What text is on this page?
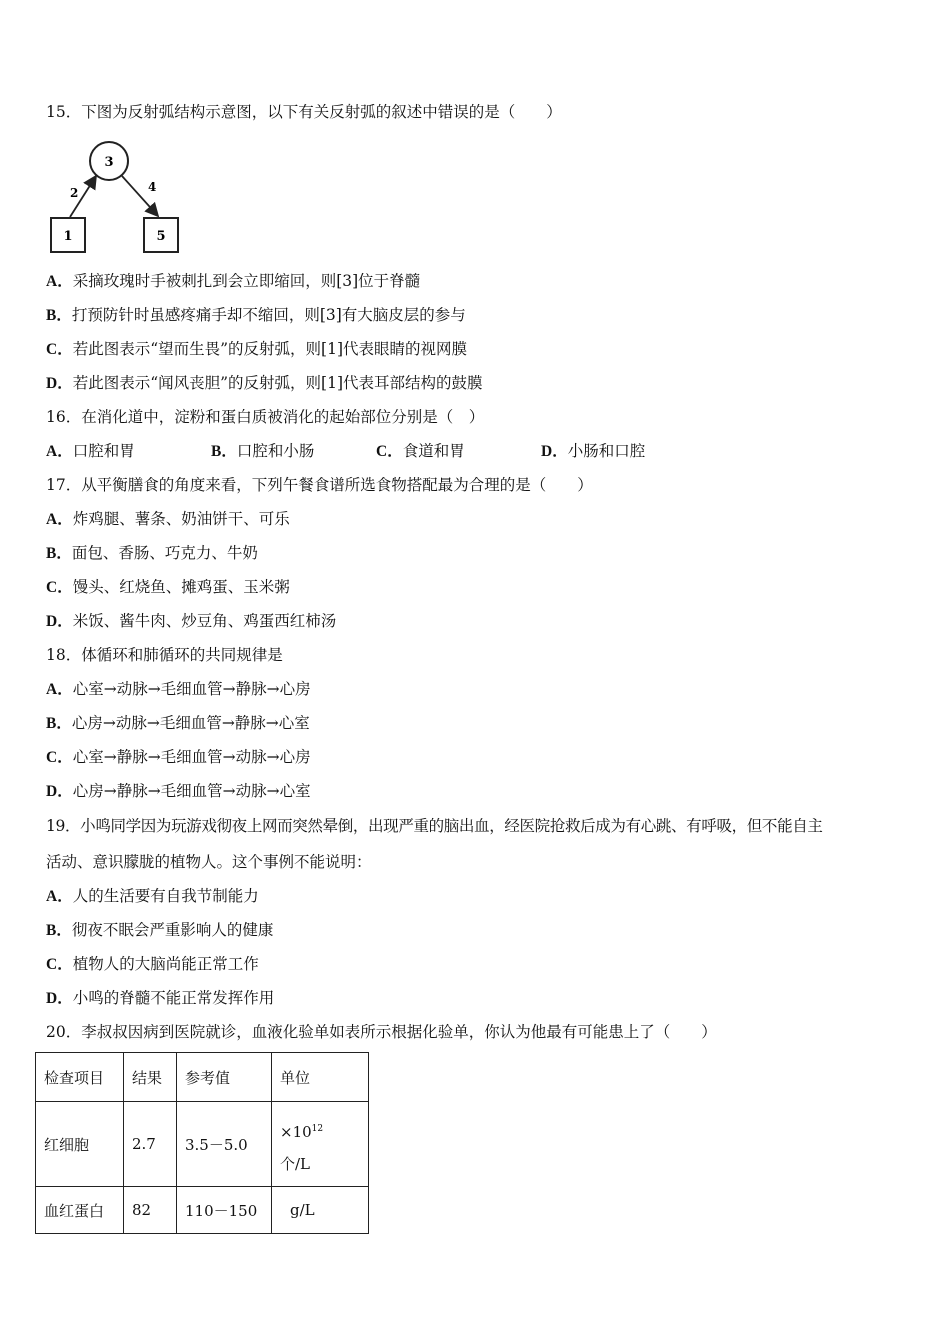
15．下图为反射弧结构示意图，以下有关反射弧的叙述中错误的是（　　）
3
1	5
2	4
A．采摘玫瑰时手被刺扎到会立即缩回，则[3]位于脊髓
B．打预防针时虽感疼痛手却不缩回，则[3]有大脑皮层的参与
C．若此图表示“望而生畏”的反射弧，则[1]代表眼睛的视网膜
D．若此图表示“闻风丧胆”的反射弧，则[1]代表耳部结构的鼓膜
16．在消化道中，淀粉和蛋白质被消化的起始部位分别是（　）
A．口腔和胃	B．口腔和小肠	C．食道和胃	D．小肠和口腔
17．从平衡膳食的角度来看，下列午餐食谱所选食物搭配最为合理的是（　　）
A．炸鸡腿、薯条、奶油饼干、可乐
B．面包、香肠、巧克力、牛奶
C．馒头、红烧鱼、摊鸡蛋、玉米粥
D．米饭、酱牛肉、炒豆角、鸡蛋西红柿汤
18．体循环和肺循环的共同规律是
A．心室→动脉→毛细血管→静脉→心房
B．心房→动脉→毛细血管→静脉→心室
C．心室→静脉→毛细血管→动脉→心房
D．心房→静脉→毛细血管→动脉→心室
19．小鸣同学因为玩游戏彻夜上网而突然晕倒，出现严重的脑出血，经医院抢救后成为有心跳、有呼吸，但不能自主
活动、意识朦胧的植物人。这个事例不能说明：
A．人的生活要有自我节制能力
B．彻夜不眠会严重影响人的健康
C．植物人的大脑尚能正常工作
D．小鸣的脊髓不能正常发挥作用
20．李叔叔因病到医院就诊，血液化验单如表所示根据化验单，你认为他最有可能患上了（　　）
检查项目	结果	参考值	单位
红细胞	2.7	3.5－5.0	$\times 10^{12}$
个/L

血红蛋白	82	110－150	g/L
